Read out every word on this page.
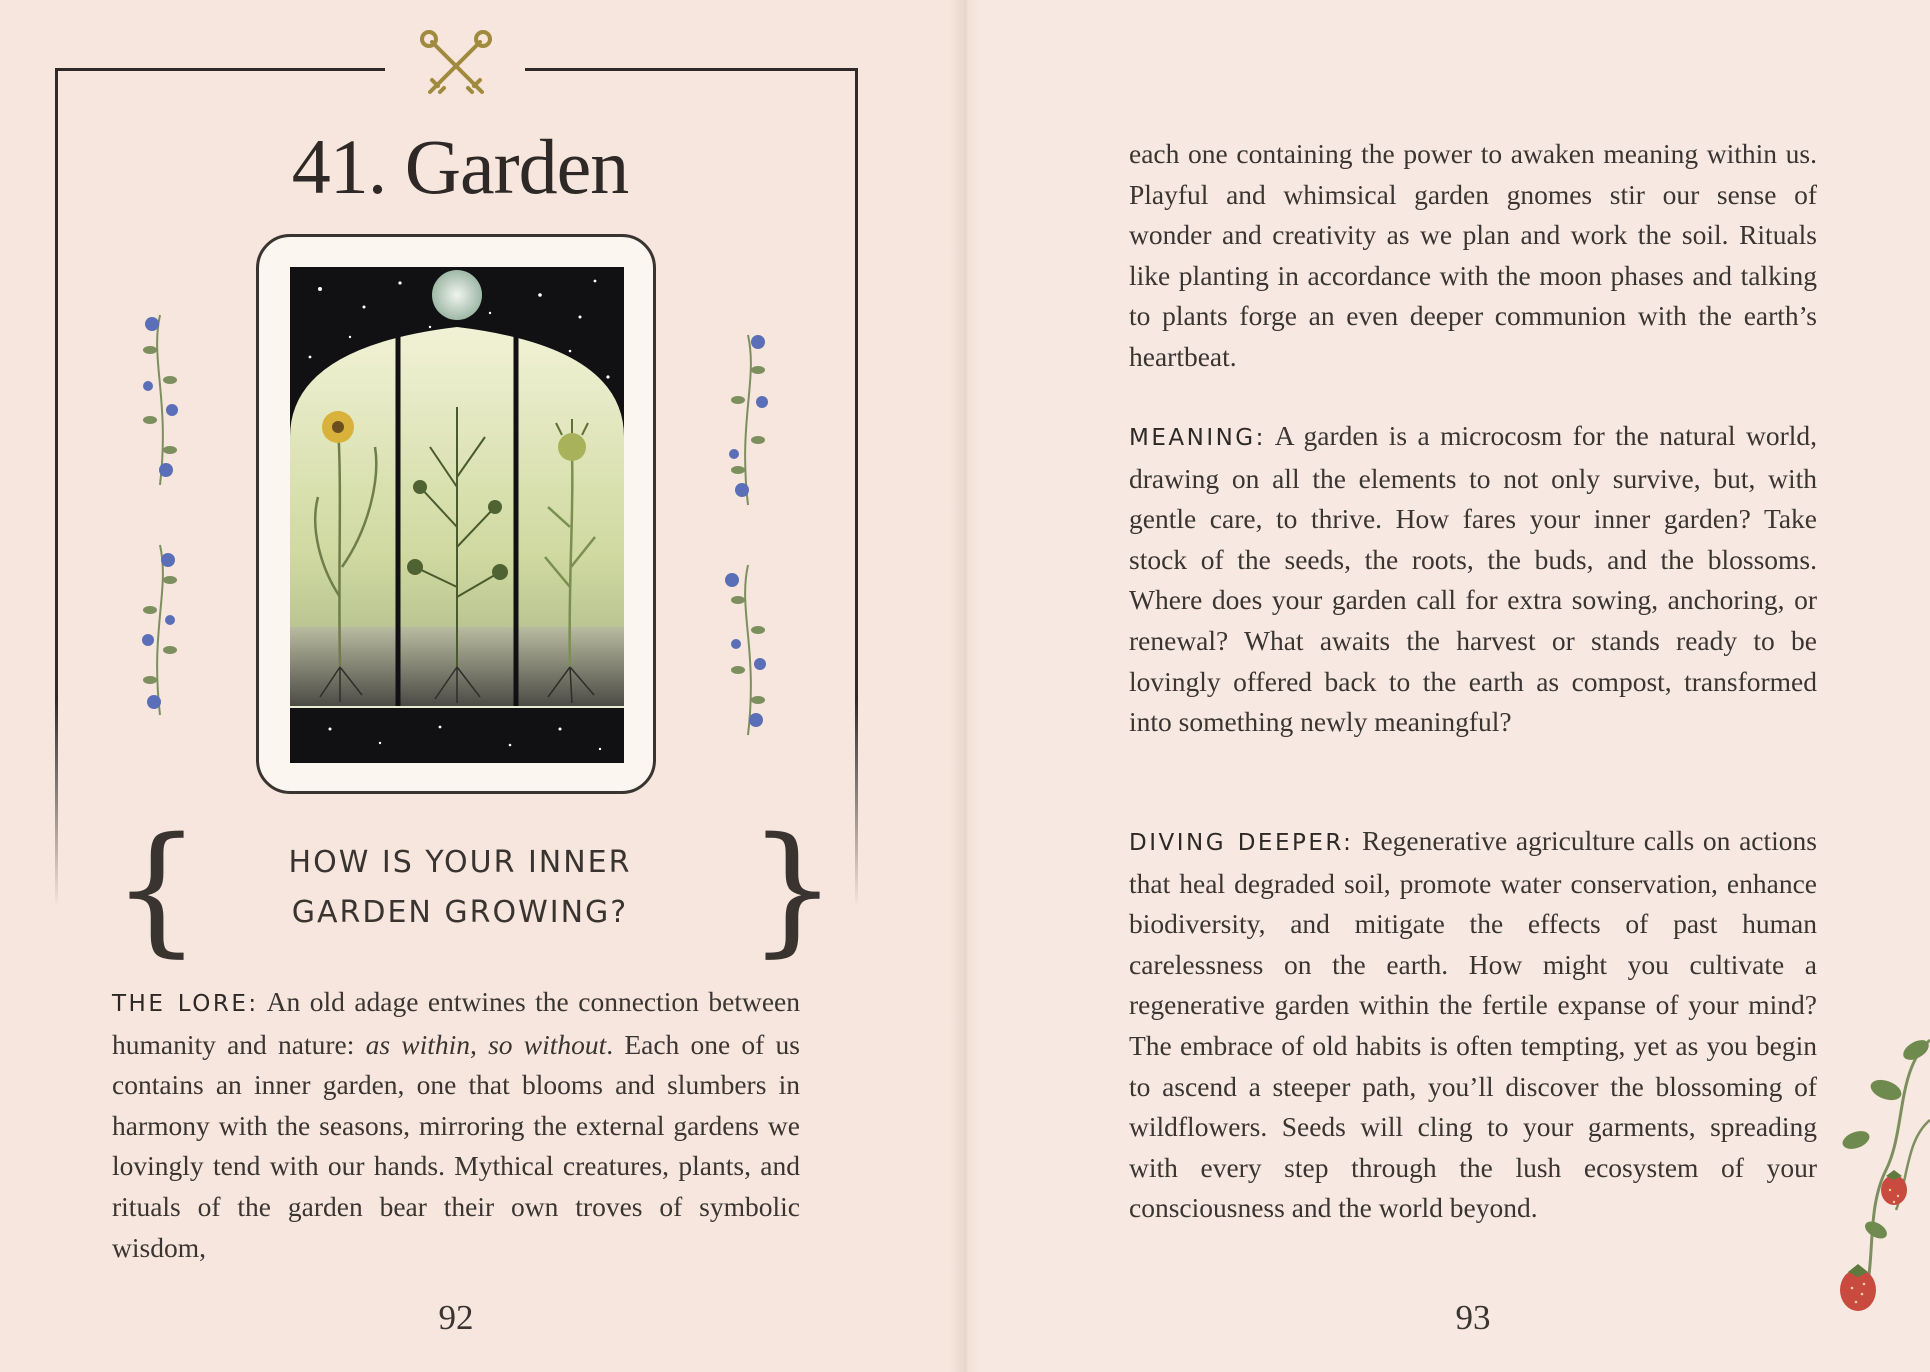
41. Garden
{	}
HOW IS YOUR INNER
GARDEN GROWING?

THE LORE: An old adage entwines the connection between humanity and nature: as within, so without. Each one of us contains an inner garden, one that blooms and slumbers in harmony with the seasons, mirroring the external gardens we lovingly tend with our hands. Mythical creatures, plants, and rituals of the garden bear their own troves of symbolic wisdom,

92

each one containing the power to awaken meaning within us. Playful and whimsical garden gnomes stir our sense of wonder and creativity as we plan and work the soil. Rituals like planting in accordance with the moon phases and talking to plants forge an even deeper communion with the earth’s heartbeat.

MEANING: A garden is a microcosm for the natural world, drawing on all the elements to not only survive, but, with gentle care, to thrive. How fares your inner garden? Take stock of the seeds, the roots, the buds, and the blossoms. Where does your garden call for extra sowing, anchoring, or renewal? What awaits the harvest or stands ready to be lovingly offered back to the earth as compost, transformed into something newly meaningful?

DIVING DEEPER: Regenerative agriculture calls on actions that heal degraded soil, promote water conservation, enhance biodiversity, and mitigate the effects of past human carelessness on the earth. How might you cultivate a regenerative garden within the fertile expanse of your mind? The embrace of old habits is often tempting, yet as you begin to ascend a steeper path, you’ll discover the blossoming of wildflowers. Seeds will cling to your garments, spreading with every step through the lush ecosystem of your consciousness and the world beyond.

93
